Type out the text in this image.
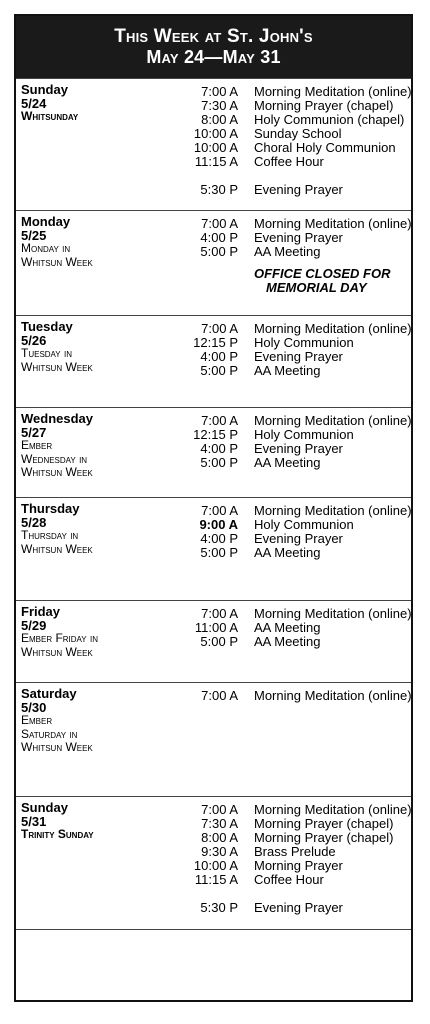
This Week at St. John's
May 24—May 31
Sunday
5/24
Whitsunday
7:00 A Morning Meditation (online)
7:30 A Morning Prayer (chapel)
8:00 A Holy Communion (chapel)
10:00 A Sunday School
10:00 A Choral Holy Communion
11:15 A Coffee Hour
5:30 P Evening Prayer
Monday
5/25
Monday in
Whitsun Week
7:00 A Morning Meditation (online)
4:00 P Evening Prayer
5:00 P AA Meeting
OFFICE CLOSED FOR
MEMORIAL DAY
Tuesday
5/26
Tuesday in
Whitsun Week
7:00 A Morning Meditation (online)
12:15 P Holy Communion
4:00 P Evening Prayer
5:00 P AA Meeting
Wednesday
5/27
Ember
Wednesday in
Whitsun Week
7:00 A Morning Meditation (online)
12:15 P Holy Communion
4:00 P Evening Prayer
5:00 P AA Meeting
Thursday
5/28
Thursday in
Whitsun Week
7:00 A Morning Meditation (online)
9:00 A Holy Communion
4:00 P Evening Prayer
5:00 P AA Meeting
Friday
5/29
Ember Friday in
Whitsun Week
7:00 A Morning Meditation (online)
11:00 A AA Meeting
5:00 P AA Meeting
Saturday
5/30
Ember
Saturday in
Whitsun Week
7:00 A Morning Meditation (online)
Sunday
5/31
Trinity Sunday
7:00 A Morning Meditation (online)
7:30 A Morning Prayer (chapel)
8:00 A Morning Prayer (chapel)
9:30 A Brass Prelude
10:00 A Morning Prayer
11:15 A Coffee Hour
5:30 P Evening Prayer
